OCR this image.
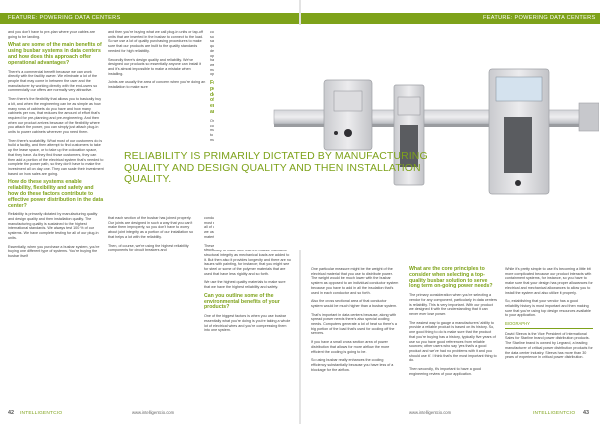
FEATURE: POWERING DATA CENTERS

and you don't have to pre-plan where your cables are going to be landing.

What are some of the main benefits of using busbar systems in data centers and how does this approach offer operational advantages?

There's a commercial benefit because we can work directly with the facility owner. We eliminate a lot of the people that may come in between the user and the manufacturer by working directly with the end-users so commercially our offers are normally very attractive.

Then there's the flexibility that allows you to basically buy a kit, and when the engineering can be as simple as how many rows of cabinets do you have and how many cabinets per row, that reduces the amount of effort that's required for pre-planning and pre-engineering. And then when our product arrives because of the flexibility where you attach the power, you can simply just attach plug-in units to power cabinets wherever you need them.

Then there's scalability. What most of our customers do is build a facility, and then attempt to find customers to take up the lease space, or to take up the colocation space, that they have. As they find those customers, they can then add a portion of the electrical system that's needed to complete the power path, so they don't have to make the investment all on day one. They can scale their investment based on how sales are going.

How do these systems enable reliability, flexibility and safety and how do these factors contribute to effective power distribution in the data center?

Reliability is primarily dictated by manufacturing quality and design quality and then installation quality. The manufacturing quality is sustained to the highest international standards. We always test 100 % of our systems. We have complete testing for all of our plug-in units.

Essentially, when you purchase a busbar system, you're buying one different type of systems. You're buying the busbar itself

and then you're buying what we call plug-in units or tap-off units that are inserted in the busbar to connect to the load. So we use a lot of quality purchasing procedures to make sure that our products are built to the quality standards needed for high reliability.

Secondly there's design quality and reliability. We've designed our products so essentially anyone can install it and it's almost impossible to make a mistake when installing.

Joints are usually the area of concern when you're doing an installation to make sure

that each section of the busbar has joined properly. Our joints are designed in such a way that you can't make them improperly, so you don't have to worry about joint integrity as a portion of our installation so that helps a lot with the reliability.

Then, of course, we're using the highest reliability components for circuit breakers and

connectors and meters, and so forth. And then relative to safety again it's about design quality, our products are designed to be safe in operation. Both UL and IEC have standards for safety and we've tested our products to make sure they are safe for operation.

From a technical perspective how does the make-up of the system ensure reliability and scalability?

One of the primary components is what type of materials you're using, relative to reliability. The best materials for use in

conducting electricity is generally copper. That's the most economical and has the highest sustainability so all of our products use copper conductors. And then, we use aluminum housings with the insulated materials to house the copper.

These aluminum housings are very important structurally to make sure that the busbar maintains structural integrity as mechanical loads are added to it. But then also it provides longevity and there are no issues with painting, for instance; that you might see for steel or some of the polymer materials that are used that have less rigidity and so forth.

We use the highest quality materials to make sure that we have the highest reliability and safety.

Can you outline some of the environmental benefits of your products?

One of the biggest factors is when you use busbar essentially what you're doing is you're taking a whole lot of electrical wires and you're compressing them into one system.

42 INTELLIGENTCIO	www.intelligentcio.com
FEATURE: POWERING DATA CENTERS

One particular measure might be the weight of the electrical material that you use to distribute power. The weight would be much lower with the busbar system as opposed to an individual conductor system because you have to add in all the insulation that's used in each conductor and so forth.

Also the cross sectional area of that conductor system would be much higher than a busbar system.

That's important in data centers because, along with spread power needs there's also special cooling needs. Computers generate a lot of heat so there's a big portion of the load that's used for cooling off the servers.

If you have a small cross section area of power distribution that allows for more airflow the more efficient the cooling is going to be.

So using busbar really enhances the cooling efficiency substantially because you have less of a blockage for the airflow.

What are the core principles to consider when selecting a top-quality busbar solution to serve long term on-going power needs?

The primary consideration when you're selecting a vendor for any component, particularly in data centers is reliability. This is very important. With our product we designed it with the understanding that it can never ever lose power.

The easiest way to gauge a manufacturers' ability to provide a reliable product is based on its history. So, one good thing to do is make sure that the product that you're buying has a history, typically five years of use so you have good references from reliable sources; other users who say 'yes that's a good product and we've had no problems with it and you should use it'. I think that's the most important thing to do.

Then secondly, it's important to have a good engineering review of your application.

While it's pretty simple to use it's becoming a little bit more complicated because our product interacts with containment systems, for instance, so you have to make sure that your design has proper allowances for electrical and mechanical allowances to allow you to install the system and also utilize it properly.

So, establishing that your vendor has a good reliability history is most important and then making sure that you're using top design resources available to your application.

BIOGRAPHY

David Sleeva is the Vice President of International Sales for Starline brand power distribution products. The Starline brand is owned by Legrand, a leading manufacturer of critical power distribution products for the data center industry. Sleeva has more than 30 years of experience in critical power distribution.

www.intelligentcio.com	INTELLIGENTCIO 43
RELIABILITY IS PRIMARILY DICTATED BY MANUFACTURING QUALITY AND DESIGN QUALITY AND THEN INSTALLATION QUALITY.
